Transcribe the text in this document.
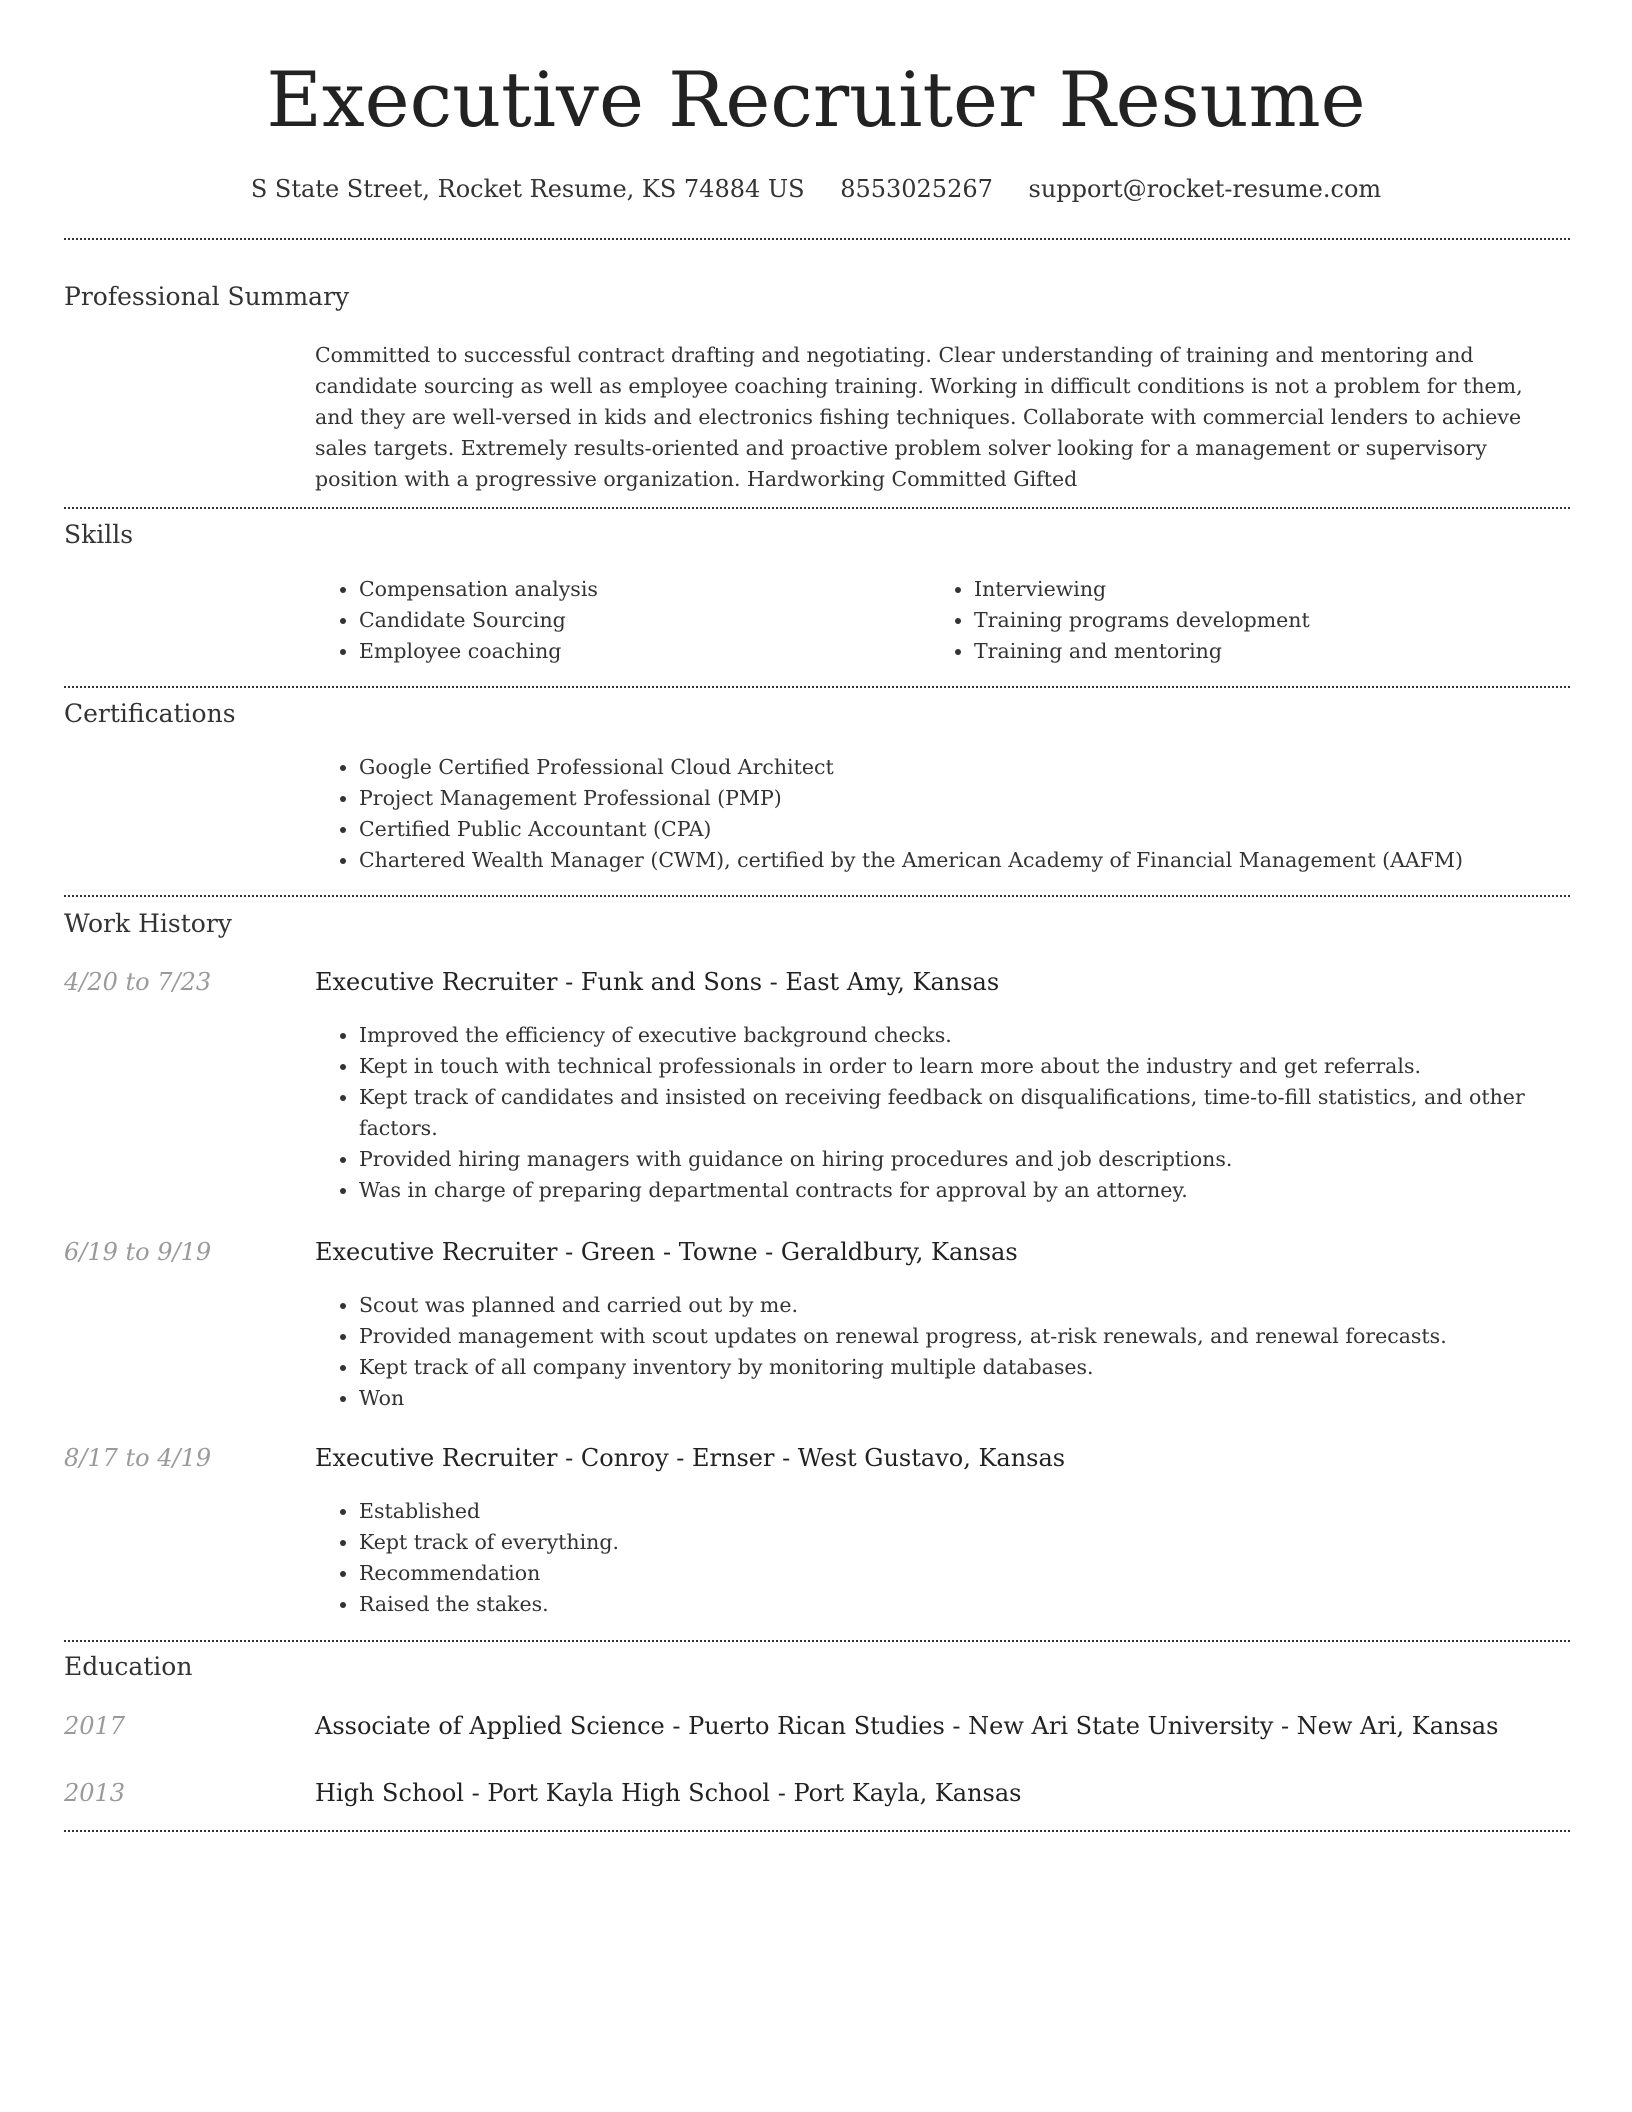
Executive Recruiter Resume
S State Street, Rocket Resume, KS 74884 US 8553025267 support@rocket-resume.com
Professional Summary
Committed to successful contract drafting and negotiating. Clear understanding of training and mentoring and candidate sourcing as well as employee coaching training. Working in difficult conditions is not a problem for them, and they are well-versed in kids and electronics fishing techniques. Collaborate with commercial lenders to achieve sales targets. Extremely results-oriented and proactive problem solver looking for a management or supervisory position with a progressive organization. Hardworking Committed Gifted
Skills
• Compensation analysis
• Candidate Sourcing
• Employee coaching
• Interviewing
• Training programs development
• Training and mentoring
Certifications
• Google Certified Professional Cloud Architect
• Project Management Professional (PMP)
• Certified Public Accountant (CPA)
• Chartered Wealth Manager (CWM), certified by the American Academy of Financial Management (AAFM)
Work History
4/20 to 7/23	Executive Recruiter - Funk and Sons - East Amy, Kansas
• Improved the efficiency of executive background checks.
• Kept in touch with technical professionals in order to learn more about the industry and get referrals.
• Kept track of candidates and insisted on receiving feedback on disqualifications, time-to-fill statistics, and other factors.
• Provided hiring managers with guidance on hiring procedures and job descriptions.
• Was in charge of preparing departmental contracts for approval by an attorney.
6/19 to 9/19	Executive Recruiter - Green - Towne - Geraldbury, Kansas
• Scout was planned and carried out by me.
• Provided management with scout updates on renewal progress, at-risk renewals, and renewal forecasts.
• Kept track of all company inventory by monitoring multiple databases.
• Won
8/17 to 4/19	Executive Recruiter - Conroy - Ernser - West Gustavo, Kansas
• Established
• Kept track of everything.
• Recommendation
• Raised the stakes.
Education
2017	Associate of Applied Science - Puerto Rican Studies - New Ari State University - New Ari, Kansas
2013	High School - Port Kayla High School - Port Kayla, Kansas
